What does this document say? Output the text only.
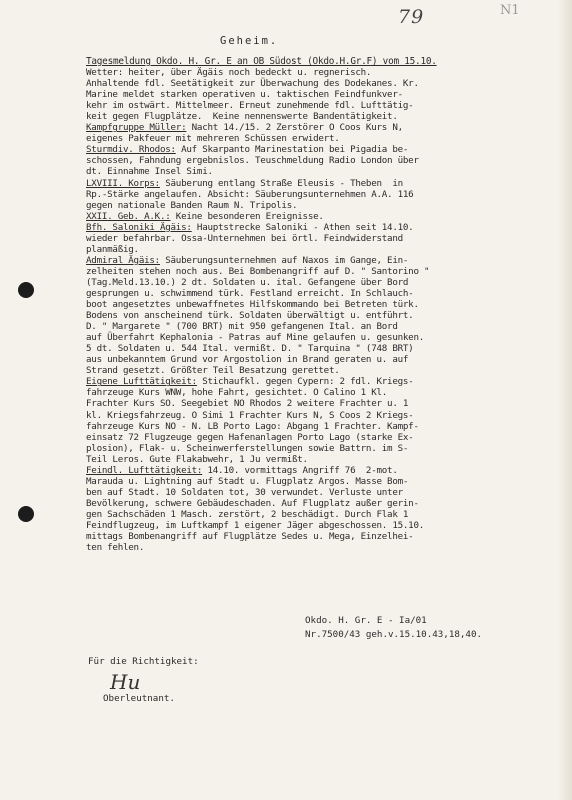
79	N1
Geheim.
Tagesmeldung Okdo. H. Gr. E an OB Südost (Okdo.H.Gr.F) vom 15.10.
Wetter: heiter, über Ägäis noch bedeckt u. regnerisch.
Anhaltende fdl. Seetätigkeit zur Überwachung des Dodekanes. Kr.
Marine meldet starken operativen u. taktischen Feindfunkver-
kehr im ostwärt. Mittelmeer. Erneut zunehmende fdl. Lufttätig-
keit gegen Flugplätze.  Keine nennenswerte Bandentätigkeit.
Kampfgruppe Müller: Nacht 14./15. 2 Zerstörer O Coos Kurs N,
eigenes Pakfeuer mit mehreren Schüssen erwidert.
Sturmdiv. Rhodos: Auf Skarpanto Marinestation bei Pigadia be-
schossen, Fahndung ergebnislos. Teuschmeldung Radio London über
dt. Einnahme Insel Simi.
LXVIII. Korps: Säuberung entlang Straße Eleusis - Theben  in
Rp.-Stärke angelaufen. Absicht: Säuberungsunternehmen A.A. 116
gegen nationale Banden Raum N. Tripolis.
XXII. Geb. A.K.: Keine besonderen Ereignisse.
Bfh. Saloniki Ägäis: Hauptstrecke Saloniki - Athen seit 14.10.
wieder befahrbar. Ossa-Unternehmen bei örtl. Feindwiderstand
planmäßig.
Admiral Ägäis: Säuberungsunternehmen auf Naxos im Gange, Ein-
zelheiten stehen noch aus. Bei Bombenangriff auf D. " Santorino "
(Tag.Meld.13.10.) 2 dt. Soldaten u. ital. Gefangene über Bord
gesprungen u. schwimmend türk. Festland erreicht. In Schlauch-
boot angesetztes unbewaffnetes Hilfskommando bei Betreten türk.
Bodens von anscheinend türk. Soldaten überwältigt u. entführt.
D. " Margarete " (700 BRT) mit 950 gefangenen Ital. an Bord
auf Überfahrt Kephalonia - Patras auf Mine gelaufen u. gesunken.
5 dt. Soldaten u. 544 Ital. vermißt. D. " Tarquina " (748 BRT)
aus unbekanntem Grund vor Argostolion in Brand geraten u. auf
Strand gesetzt. Größter Teil Besatzung gerettet.
Eigene Lufttätigkeit: Stichaufkl. gegen Cypern: 2 fdl. Kriegs-
fahrzeuge Kurs WNW, hohe Fahrt, gesichtet. O Calino 1 Kl.
Frachter Kurs SO. Seegebiet NO Rhodos 2 weitere Frachter u. 1
kl. Kriegsfahrzeug. O Simi 1 Frachter Kurs N, S Coos 2 Kriegs-
fahrzeuge Kurs NO - N. LB Porto Lago: Abgang 1 Frachter. Kampf-
einsatz 72 Flugzeuge gegen Hafenanlagen Porto Lago (starke Ex-
plosion), Flak- u. Scheinwerferstellungen sowie Battrn. im S-
Teil Leros. Gute Flakabwehr, 1 Ju vermißt.
Feindl. Lufttätigkeit: 14.10. vormittags Angriff 76  2-mot.
Marauda u. Lightning auf Stadt u. Flugplatz Argos. Masse Bom-
ben auf Stadt. 10 Soldaten tot, 30 verwundet. Verluste unter
Bevölkerung, schwere Gebäudeschaden. Auf Flugplatz außer gerin-
gen Sachschäden 1 Masch. zerstört, 2 beschädigt. Durch Flak 1
Feindflugzeug, im Luftkampf 1 eigener Jäger abgeschossen. 15.10.
mittags Bombenangriff auf Flugplätze Sedes u. Mega, Einzelhei-
ten fehlen.
Okdo. H. Gr. E - Ia/01
Nr.7500/43 geh.v.15.10.43,18,40.
Für die Richtigkeit:
Hu
Oberleutnant.
